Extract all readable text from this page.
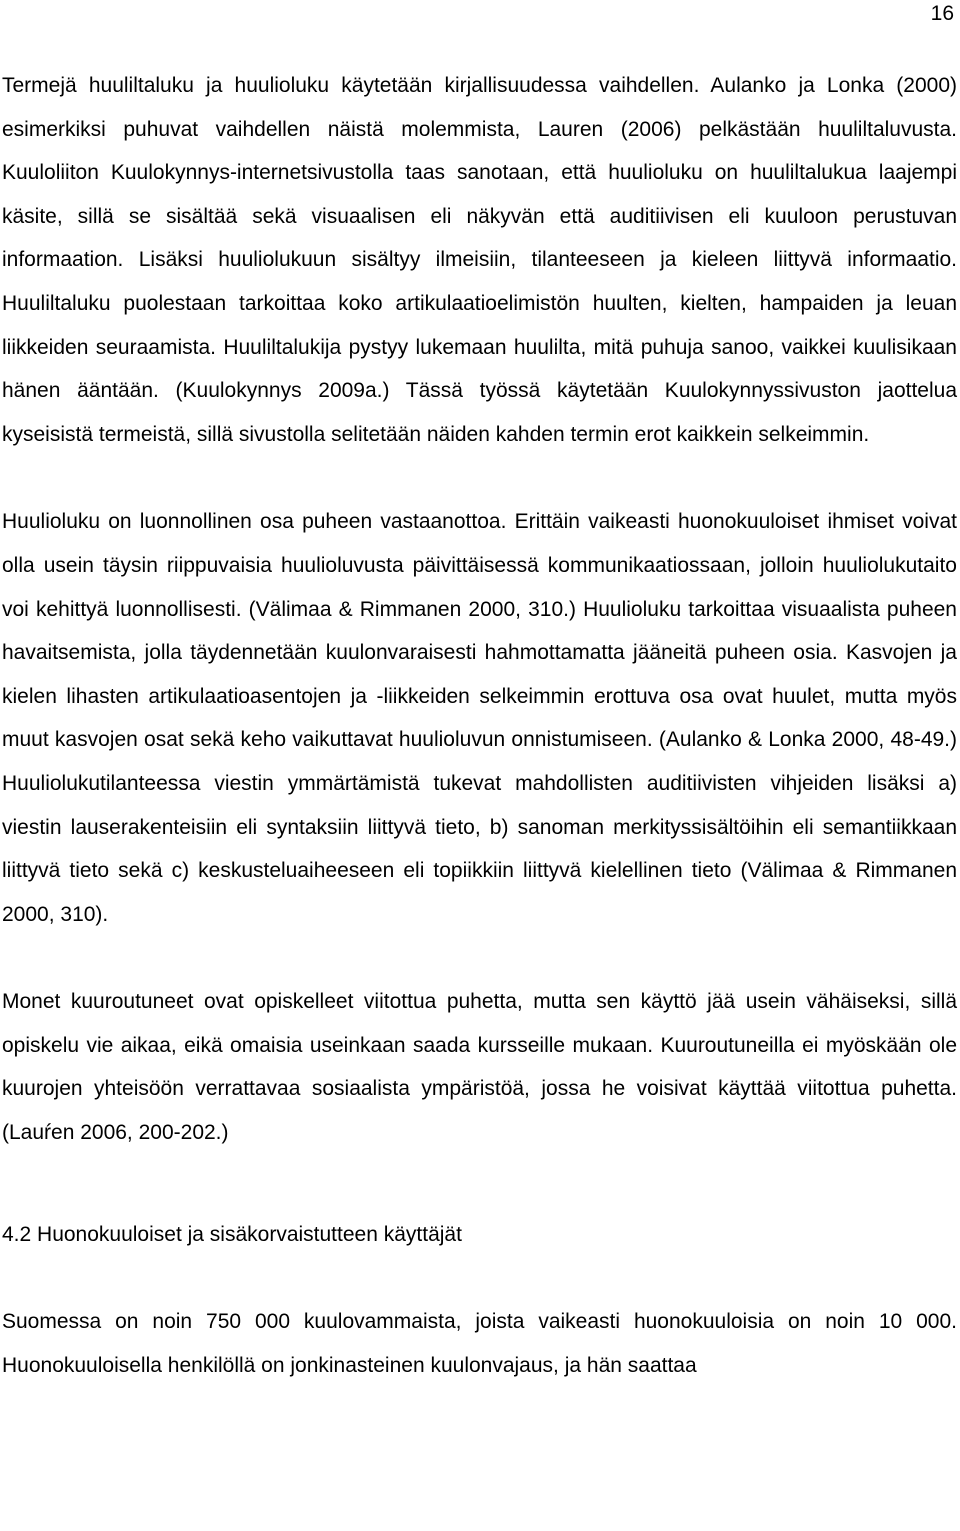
16

Termejä huuliltaluku ja huulioluku käytetään kirjallisuudessa vaihdellen. Aulanko ja Lonka (2000) esimerkiksi puhuvat vaihdellen näistä molemmista, Lauren (2006) pelkästään huuliltaluvusta. Kuuloliiton Kuulokynnys-internetsivustolla taas sanotaan, että huulioluku on huuliltalukua laajempi käsite, sillä se sisältää sekä visuaalisen eli näkyvän että auditiivisen eli kuuloon perustuvan informaation. Lisäksi huuliolukuun sisältyy ilmeisiin, tilanteeseen ja kieleen liittyvä informaatio. Huuliltaluku puolestaan tarkoittaa koko artikulaatioelimistön huulten, kielten, hampaiden ja leuan liikkeiden seuraamista. Huuliltalukija pystyy lukemaan huulilta, mitä puhuja sanoo, vaikkei kuulisikaan hänen ääntään. (Kuulokynnys 2009a.) Tässä työssä käytetään Kuulokynnyssivuston jaottelua kyseisistä termeistä, sillä sivustolla selitetään näiden kahden termin erot kaikkein selkeimmin.

Huulioluku on luonnollinen osa puheen vastaanottoa. Erittäin vaikeasti huonokuuloiset ihmiset voivat olla usein täysin riippuvaisia huulioluvusta päivittäisessä kommunikaatiossaan, jolloin huuliolukutaito voi kehittyä luonnollisesti. (Välimaa & Rimmanen 2000, 310.) Huulioluku tarkoittaa visuaalista puheen havaitsemista, jolla täydennetään kuulonvaraisesti hahmottamatta jääneitä puheen osia. Kasvojen ja kielen lihasten artikulaatioasentojen ja -liikkeiden selkeimmin erottuva osa ovat huulet, mutta myös muut kasvojen osat sekä keho vaikuttavat huulioluvun onnistumiseen. (Aulanko & Lonka 2000, 48-49.) Huuliolukutilanteessa viestin ymmärtämistä tukevat mahdollisten auditiivisten vihjeiden lisäksi a) viestin lauserakenteisiin eli syntaksiin liittyvä tieto, b) sanoman merkityssisältöihin eli semantiikkaan liittyvä tieto sekä c) keskusteluaiheeseen eli topiikkiin liittyvä kielellinen tieto (Välimaa & Rimmanen 2000, 310).

Monet kuuroutuneet ovat opiskelleet viitottua puhetta, mutta sen käyttö jää usein vähäiseksi, sillä opiskelu vie aikaa, eikä omaisia useinkaan saada kursseille mukaan. Kuuroutuneilla ei myöskään ole kuurojen yhteisöön verrattavaa sosiaalista ympäristöä, jossa he voisivat käyttää viitottua puhetta. (Lauŕen 2006, 200-202.)

4.2 Huonokuuloiset ja sisäkorvaistutteen käyttäjät

Suomessa on noin 750 000 kuulovammaista, joista vaikeasti huonokuuloisia on noin 10 000. Huonokuuloisella henkilöllä on jonkinasteinen kuulonvajaus, ja hän saattaa
